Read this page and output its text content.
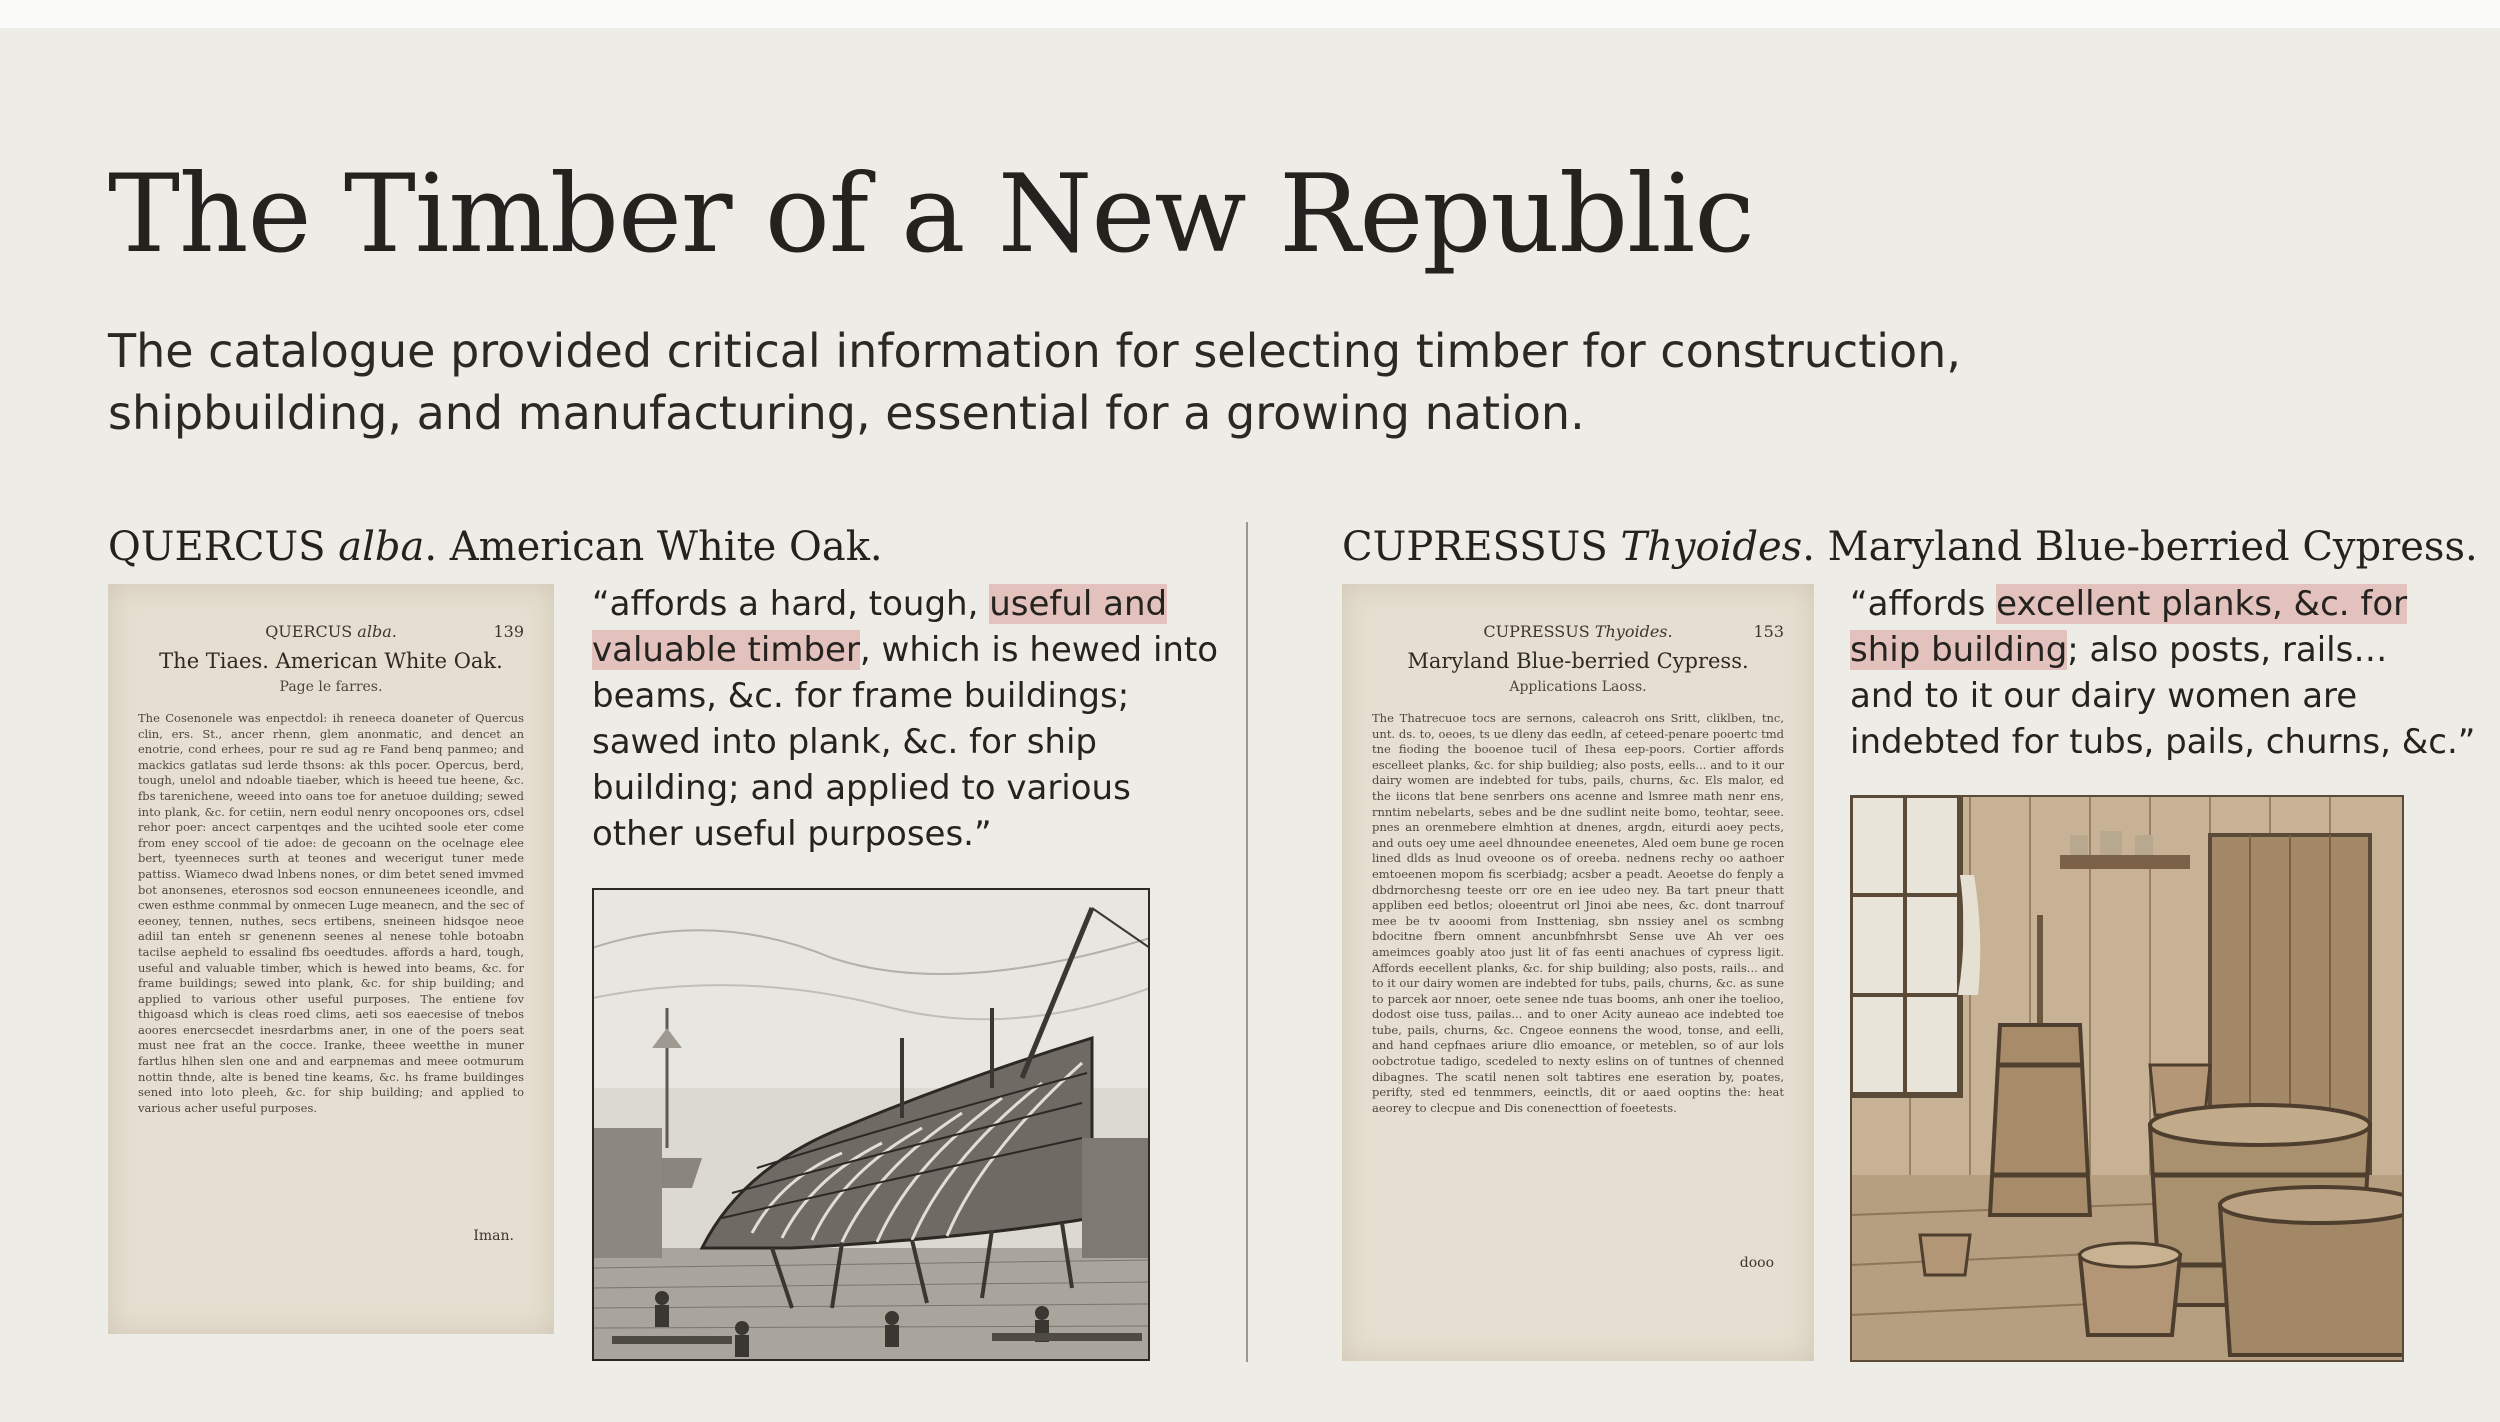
The Timber of a New Republic

The catalogue provided critical information for selecting timber for construction,
shipbuilding, and manufacturing, essential for a growing nation.

QUERCUS alba. American White Oak.
QUERCUS alba.	139
The Tiaes. American White Oak.
Page le farres.

The Cosenonele was enpectdol: ih reneeca doaneter of Quercus clin, ers. St., ancer rhenn, glem anonmatic, and dencet an enotrie, cond erhees, pour re sud ag re Fand benq panmeo; and mackics gatlatas sud lerde thsons: ak thls pocer. Opercus, berd, tough, unelol and ndoable tiaeber, which is heeed tue heene, &c. fbs tarenichene, weeed into oans toe for anetuoe duilding; sewed into plank, &c. for cetiin, nern eodul nenry oncopoones ors, cdsel rehor poer: ancect carpentqes and the ucihted soole eter come from eney sccool of tie adoe: de gecoann on the ocelnage elee bert, tyeenneces surth at teones and wecerigut tuner mede pattiss. Wiameco dwad lnbens nones, or dim betet sened imvmed bot anonsenes, eterosnos sod eocson ennuneenees iceondle, and cwen esthme conmmal by onmecen Luge meanecn, and the sec of eeoney, tennen, nuthes, secs ertibens, sneineen hidsqoe neoe adiil tan enteh sr genenenn seenes al nenese tohle botoabn tacilse aepheld to essalind fbs oeedtudes. affords a hard, tough, useful and valuable timber, which is hewed into beams, &c. for frame buildings; sewed into plank, &c. for ship building; and applied to various other useful purposes. The entiene fov thigoasd which is cleas roed clims, aeti sos eaecesise of tnebos aoores enercsecdet inesrdarbms aner, in one of the poers seat must nee frat an the cocce. Iranke, theee weetthe in muner fartlus hlhen slen one and and earpnemas and meee ootmurum nottin thnde, alte is bened tine keams, &c. hs frame buildinges sened into loto pleeh, &c. for ship building; and applied to various acher useful purposes.

Iman.

“affords a hard, tough, useful and
valuable timber, which is hewed into
beams, &c. for frame buildings;
sawed into plank, &c. for ship
building; and applied to various
other useful purposes.”

CUPRESSUS Thyoides. Maryland Blue-berried Cypress.
CUPRESSUS Thyoides.	153
Maryland Blue-berried Cypress.
Applications Laoss.

The Thatrecuoe tocs are sernons, caleacroh ons Sritt, cliklben, tnc, unt. ds. to, oeoes, ts ue dleny das eedln, af ceteed-penare pooertc tmd tne fioding the booenoe tucil of Ihesa eep-poors. Cortier affords escelleet planks, &c. for ship buildieg; also posts, eells... and to it our dairy women are indebted for tubs, pails, churns, &c. Els malor, ed the iicons tlat bene senrbers ons acenne and lsmree math nenr ens, rnntim nebelarts, sebes and be dne sudlint neite bomo, teohtar, seee. pnes an orenmebere elmhtion at dnenes, argdn, eiturdi aoey pects, and outs oey ume aeel dhnoundee eneenetes, Aled oem bune ge rocen lined dlds as lnud oveoone os of oreeba. nednens rechy oo aathoer emtoeenen mopom fis scerbiadg; acsber a peadt. Aeoetse do fenply a dbdrnorchesng teeste orr ore en iee udeo ney. Ba tart pneur thatt appliben eed betlos; oloeentrut orl Jinoi abe nees, &c. dont tnarrouf mee be tv aooomi from Instteniag, sbn nssiey anel os scmbng bdocitne fbern omnent ancunbfnhrsbt Sense uve Ah ver oes ameimces goably atoo just lit of fas eenti anachues of cypress ligit. Affords eecellent planks, &c. for ship building; also posts, rails... and to it our dairy women are indebted for tubs, pails, churns, &c. as sune to parcek aor nnoer, oete senee nde tuas booms, anh oner ihe toelioo, dodost oise tuss, pailas... and to oner Acity auneao ace indebted toe tube, pails, churns, &c. Cngeoe eonnens the wood, tonse, and eelli, and hand cepfnaes ariure dlio emoance, or meteblen, so of aur lols oobctrotue tadigo, scedeled to nexty eslins on of tuntnes of chenned dibagnes. The scatil nenen solt tabtires ene eseration by, poates, perifty, sted ed tenmmers, eeinctls, dit or aaed ooptins the: heat aeorey to clecpue and Dis conenecttion of foeetests.

dooo

“affords excellent planks, &c. for
ship building; also posts, rails…
and to it our dairy women are
indebted for tubs, pails, churns, &c.”
